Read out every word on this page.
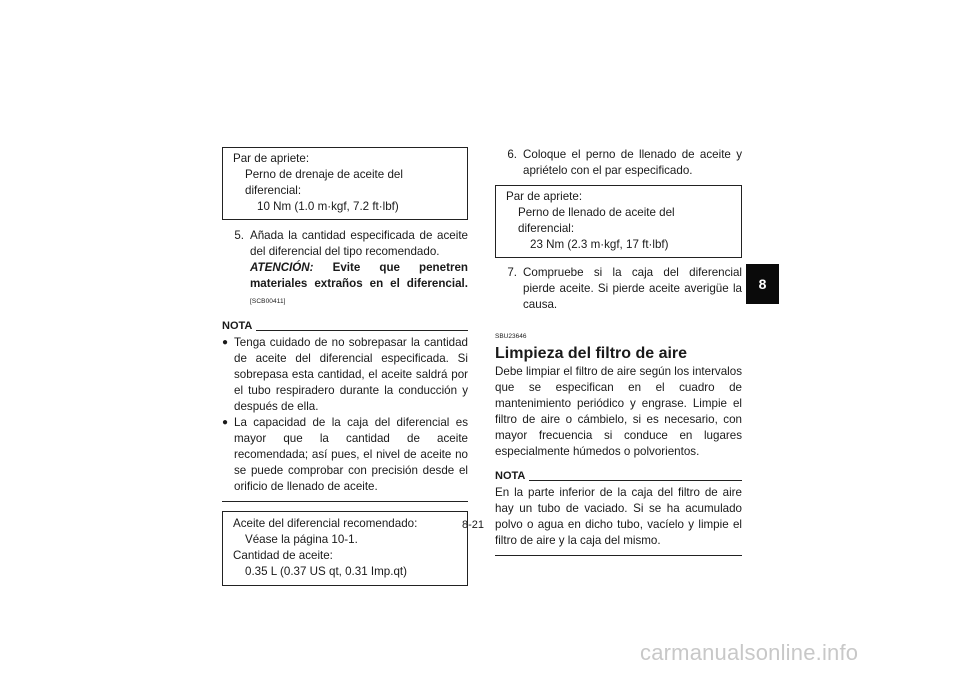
Par de apriete:
Perno de drenaje de aceite del diferencial:
10 Nm (1.0 m·kgf, 7.2 ft·lbf)
5. Añada la cantidad especificada de aceite del diferencial del tipo recomendado.
ATENCIÓN: Evite que penetren materiales extraños en el diferencial. [SCB00411]
NOTA
● Tenga cuidado de no sobrepasar la cantidad de aceite del diferencial especificada. Si sobrepasa esta cantidad, el aceite saldrá por el tubo respiradero durante la conducción y después de ella.
● La capacidad de la caja del diferencial es mayor que la cantidad de aceite recomendada; así pues, el nivel de aceite no se puede comprobar con precisión desde el orificio de llenado de aceite.
Aceite del diferencial recomendado:
Véase la página 10-1.
Cantidad de aceite:
0.35 L (0.37 US qt, 0.31 Imp.qt)
6. Coloque el perno de llenado de aceite y apriételo con el par especificado.
Par de apriete:
Perno de llenado de aceite del diferencial:
23 Nm (2.3 m·kgf, 17 ft·lbf)
7. Compruebe si la caja del diferencial pierde aceite. Si pierde aceite averigüe la causa.
SBU23646
Limpieza del filtro de aire
Debe limpiar el filtro de aire según los intervalos que se especifican en el cuadro de mantenimiento periódico y engrase. Limpie el filtro de aire o cámbielo, si es necesario, con mayor frecuencia si conduce en lugares especialmente húmedos o polvorientos.
NOTA
En la parte inferior de la caja del filtro de aire hay un tubo de vaciado. Si se ha acumulado polvo o agua en dicho tubo, vacíelo y limpie el filtro de aire y la caja del mismo.
8
8-21
carmanualsonline.info
